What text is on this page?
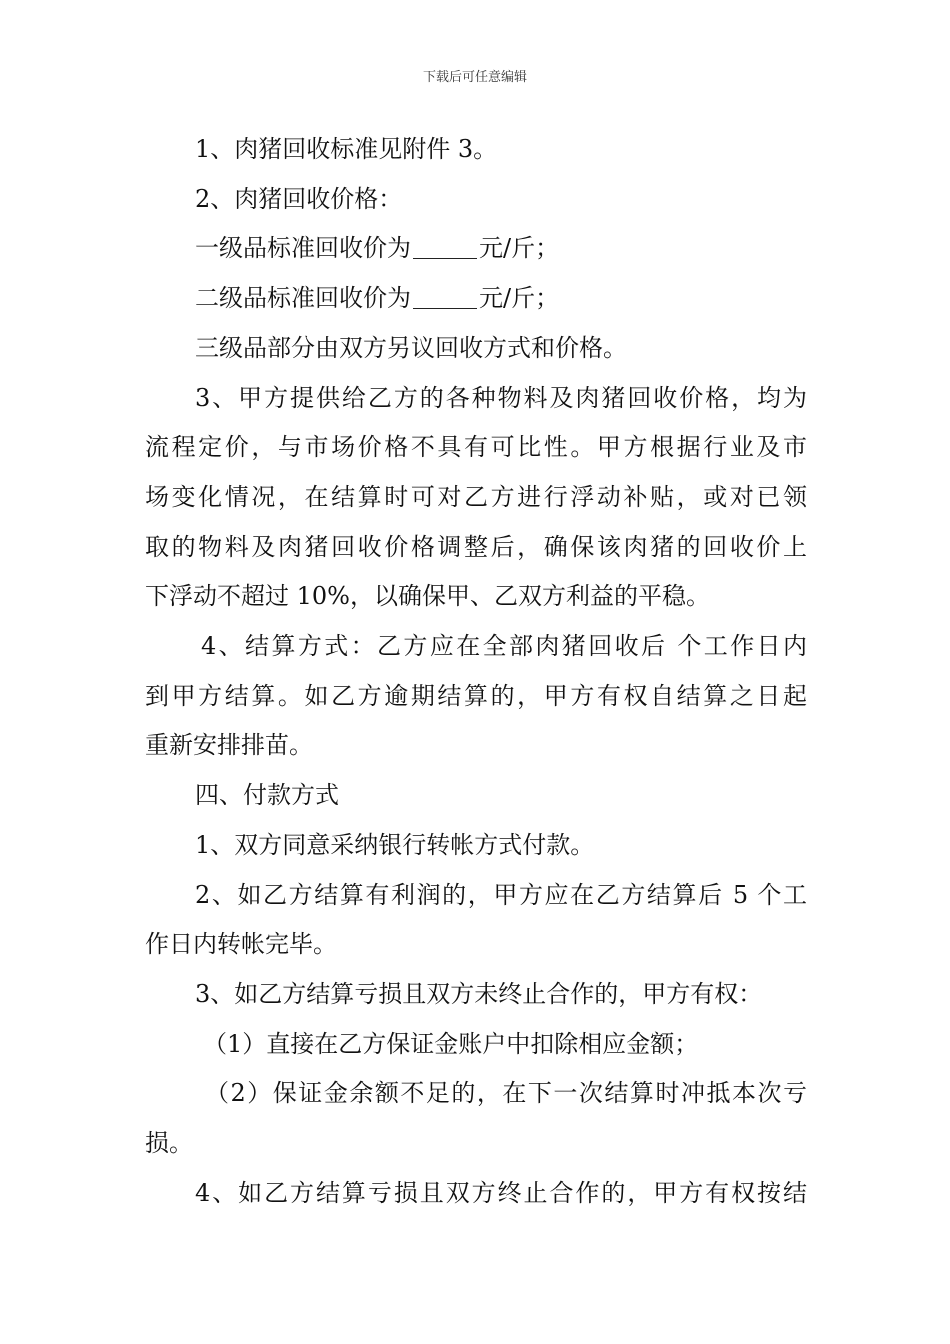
下载后可任意编辑

1、肉猪回收标准见附件 3。

2、肉猪回收价格：

一级品标准回收价为	元/斤；

二级品标准回收价为	元/斤；

三级品部分由双方另议回收方式和价格。

3、甲方提供给乙方的各种物料及肉猪回收价格，均为

流程定价，与市场价格不具有可比性。甲方根据行业及市

场变化情况，在结算时可对乙方进行浮动补贴，或对已领

取的物料及肉猪回收价格调整后，确保该肉猪的回收价上

下浮动不超过 10%，以确保甲、乙双方利益的平稳。

4、结算方式：乙方应在全部肉猪回收后 个工作日内

到甲方结算。如乙方逾期结算的，甲方有权自结算之日起

重新安排排苗。

四、付款方式

1、双方同意采纳银行转帐方式付款。

2、如乙方结算有利润的，甲方应在乙方结算后 5 个工

作日内转帐完毕。

3、如乙方结算亏损且双方未终止合作的，甲方有权：

（1）直接在乙方保证金账户中扣除相应金额；

（2）保证金余额不足的，在下一次结算时冲抵本次亏

损。

4、如乙方结算亏损且双方终止合作的，甲方有权按结
